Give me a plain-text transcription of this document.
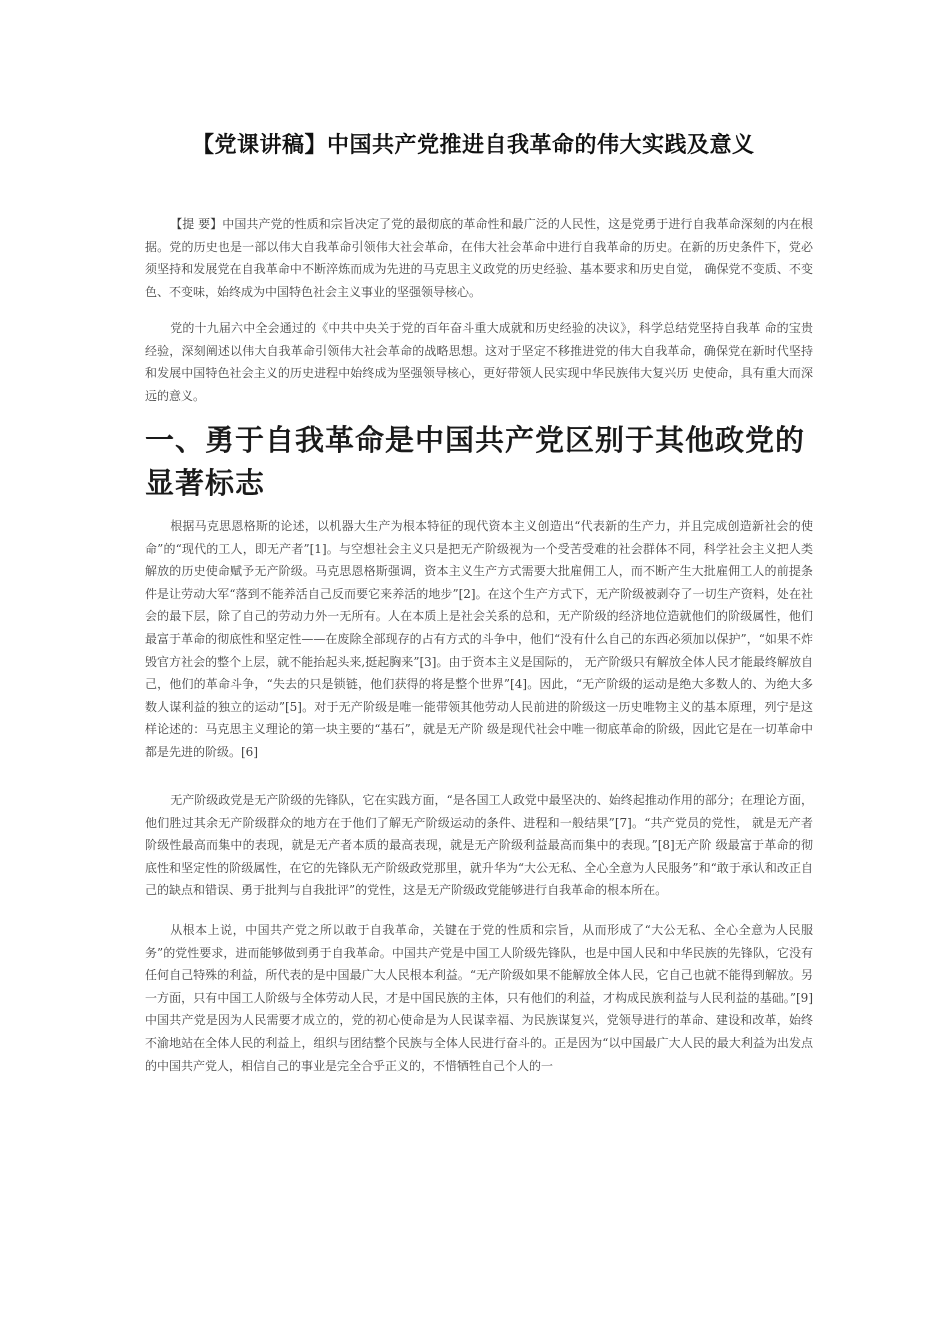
【党课讲稿】中国共产党推进自我革命的伟大实践及意义

【提 要】中国共产党的性质和宗旨决定了党的最彻底的革命性和最广泛的人民性，这是党勇于进行自我革命深刻的内在根据。党的历史也是一部以伟大自我革命引领伟大社会革命，在伟大社会革命中进行自我革命的历史。在新的历史条件下，党必须坚持和发展党在自我革命中不断淬炼而成为先进的马克思主义政党的历史经验、基本要求和历史自觉， 确保党不变质、不变色、不变味，始终成为中国特色社会主义事业的坚强领导核心。

党的十九届六中全会通过的《中共中央关于党的百年奋斗重大成就和历史经验的决议》，科学总结党坚持自我革 命的宝贵经验，深刻阐述以伟大自我革命引领伟大社会革命的战略思想。这对于坚定不移推进党的伟大自我革命，确保党在新时代坚持和发展中国特色社会主义的历史进程中始终成为坚强领导核心，更好带领人民实现中华民族伟大复兴历 史使命，具有重大而深远的意义。

一、勇于自我革命是中国共产党区别于其他政党的显著标志

根据马克思恩格斯的论述，以机器大生产为根本特征的现代资本主义创造出“代表新的生产力，并且完成创造新社会的使命”的“现代的工人，即无产者”[1]。与空想社会主义只是把无产阶级视为一个受苦受难的社会群体不同，科学社会主义把人类解放的历史使命赋予无产阶级。马克思恩格斯强调，资本主义生产方式需要大批雇佣工人，而不断产生大批雇佣工人的前提条件是让劳动大军“落到不能养活自己反而要它来养活的地步”[2]。在这个生产方式下，无产阶级被剥夺了一切生产资料，处在社会的最下层，除了自己的劳动力外一无所有。人在本质上是社会关系的总和，无产阶级的经济地位造就他们的阶级属性，他们最富于革命的彻底性和坚定性——在废除全部现存的占有方式的斗争中，他们“没有什么自己的东西必须加以保护”，“如果不炸毁官方社会的整个上层，就不能抬起头来,挺起胸来”[3]。由于资本主义是国际的， 无产阶级只有解放全体人民才能最终解放自己，他们的革命斗争，“失去的只是锁链，他们获得的将是整个世界”[4]。因此，“无产阶级的运动是绝大多数人的、为绝大多数人谋利益的独立的运动”[5]。对于无产阶级是唯一能带领其他劳动人民前进的阶级这一历史唯物主义的基本原理，列宁是这样论述的：马克思主义理论的第一块主要的“基石”，就是无产阶 级是现代社会中唯一彻底革命的阶级，因此它是在一切革命中都是先进的阶级。[6]

无产阶级政党是无产阶级的先锋队，它在实践方面，“是各国工人政党中最坚决的、始终起推动作用的部分；在理论方面，他们胜过其余无产阶级群众的地方在于他们了解无产阶级运动的条件、进程和一般结果”[7]。“共产党员的党性， 就是无产者阶级性最高而集中的表现，就是无产者本质的最高表现，就是无产阶级利益最高而集中的表现。”[8]无产阶 级最富于革命的彻底性和坚定性的阶级属性，在它的先锋队无产阶级政党那里，就升华为“大公无私、全心全意为人民服务”和“敢于承认和改正自己的缺点和错误、勇于批判与自我批评”的党性，这是无产阶级政党能够进行自我革命的根本所在。

从根本上说，中国共产党之所以敢于自我革命，关键在于党的性质和宗旨，从而形成了“大公无私、全心全意为人民服务”的党性要求，进而能够做到勇于自我革命。中国共产党是中国工人阶级先锋队，也是中国人民和中华民族的先锋队，它没有任何自己特殊的利益，所代表的是中国最广大人民根本利益。“无产阶级如果不能解放全体人民，它自己也就不能得到解放。另一方面，只有中国工人阶级与全体劳动人民，才是中国民族的主体，只有他们的利益，才构成民族利益与人民利益的基础。”[9]中国共产党是因为人民需要才成立的，党的初心使命是为人民谋幸福、为民族谋复兴，党领导进行的革命、建设和改革，始终不渝地站在全体人民的利益上，组织与团结整个民族与全体人民进行奋斗的。正是因为“以中国最广大人民的最大利益为出发点的中国共产党人，相信自己的事业是完全合乎正义的，不惜牺牲自己个人的一
